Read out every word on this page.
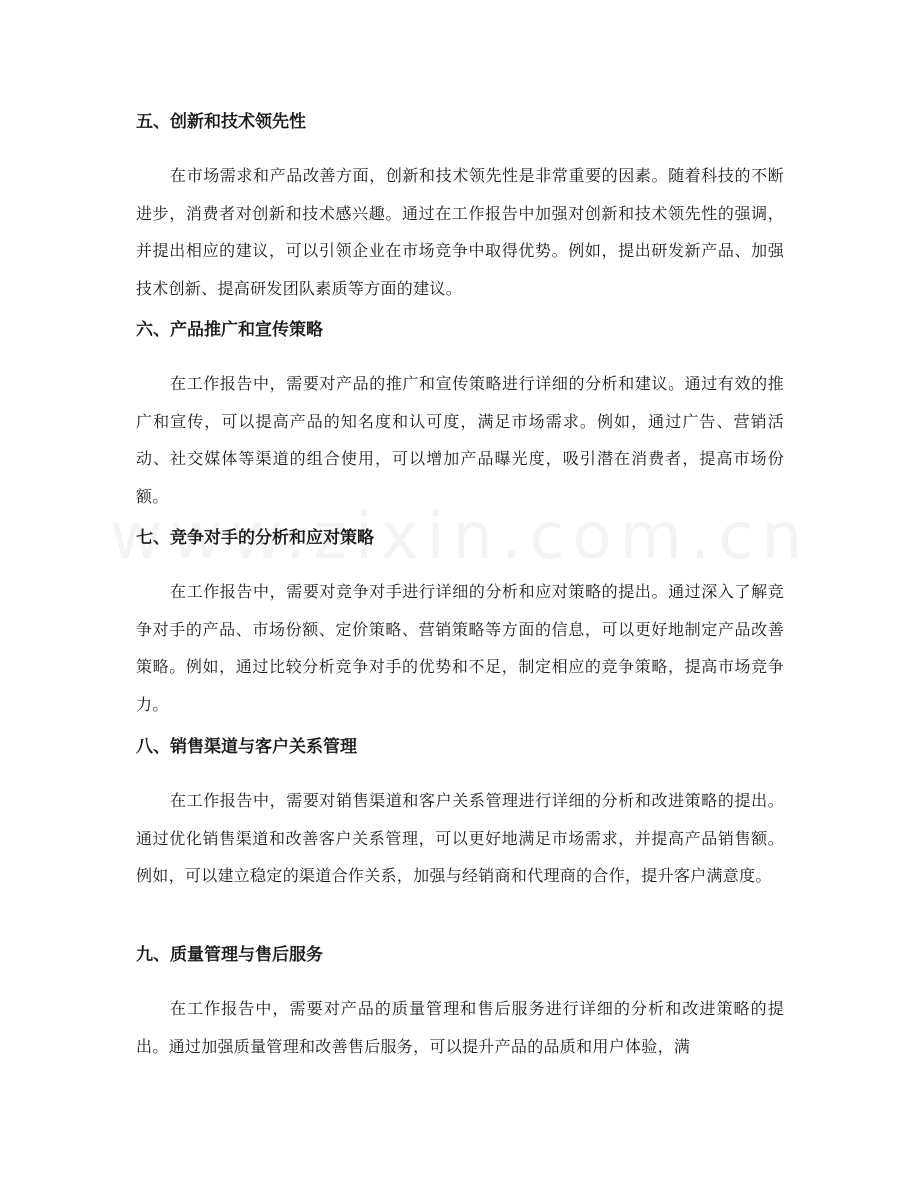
五、创新和技术领先性

在市场需求和产品改善方面，创新和技术领先性是非常重要的因素。随着科技的不断进步，消费者对创新和技术感兴趣。通过在工作报告中加强对创新和技术领先性的强调，并提出相应的建议，可以引领企业在市场竞争中取得优势。例如，提出研发新产品、加强技术创新、提高研发团队素质等方面的建议。

六、产品推广和宣传策略

在工作报告中，需要对产品的推广和宣传策略进行详细的分析和建议。通过有效的推广和宣传，可以提高产品的知名度和认可度，满足市场需求。例如，通过广告、营销活动、社交媒体等渠道的组合使用，可以增加产品曝光度，吸引潜在消费者，提高市场份额。

七、竞争对手的分析和应对策略

在工作报告中，需要对竞争对手进行详细的分析和应对策略的提出。通过深入了解竞争对手的产品、市场份额、定价策略、营销策略等方面的信息，可以更好地制定产品改善策略。例如，通过比较分析竞争对手的优势和不足，制定相应的竞争策略，提高市场竞争力。

八、销售渠道与客户关系管理

在工作报告中，需要对销售渠道和客户关系管理进行详细的分析和改进策略的提出。通过优化销售渠道和改善客户关系管理，可以更好地满足市场需求，并提高产品销售额。例如，可以建立稳定的渠道合作关系，加强与经销商和代理商的合作，提升客户满意度。

九、质量管理与售后服务

在工作报告中，需要对产品的质量管理和售后服务进行详细的分析和改进策略的提出。通过加强质量管理和改善售后服务，可以提升产品的品质和用户体验，满
